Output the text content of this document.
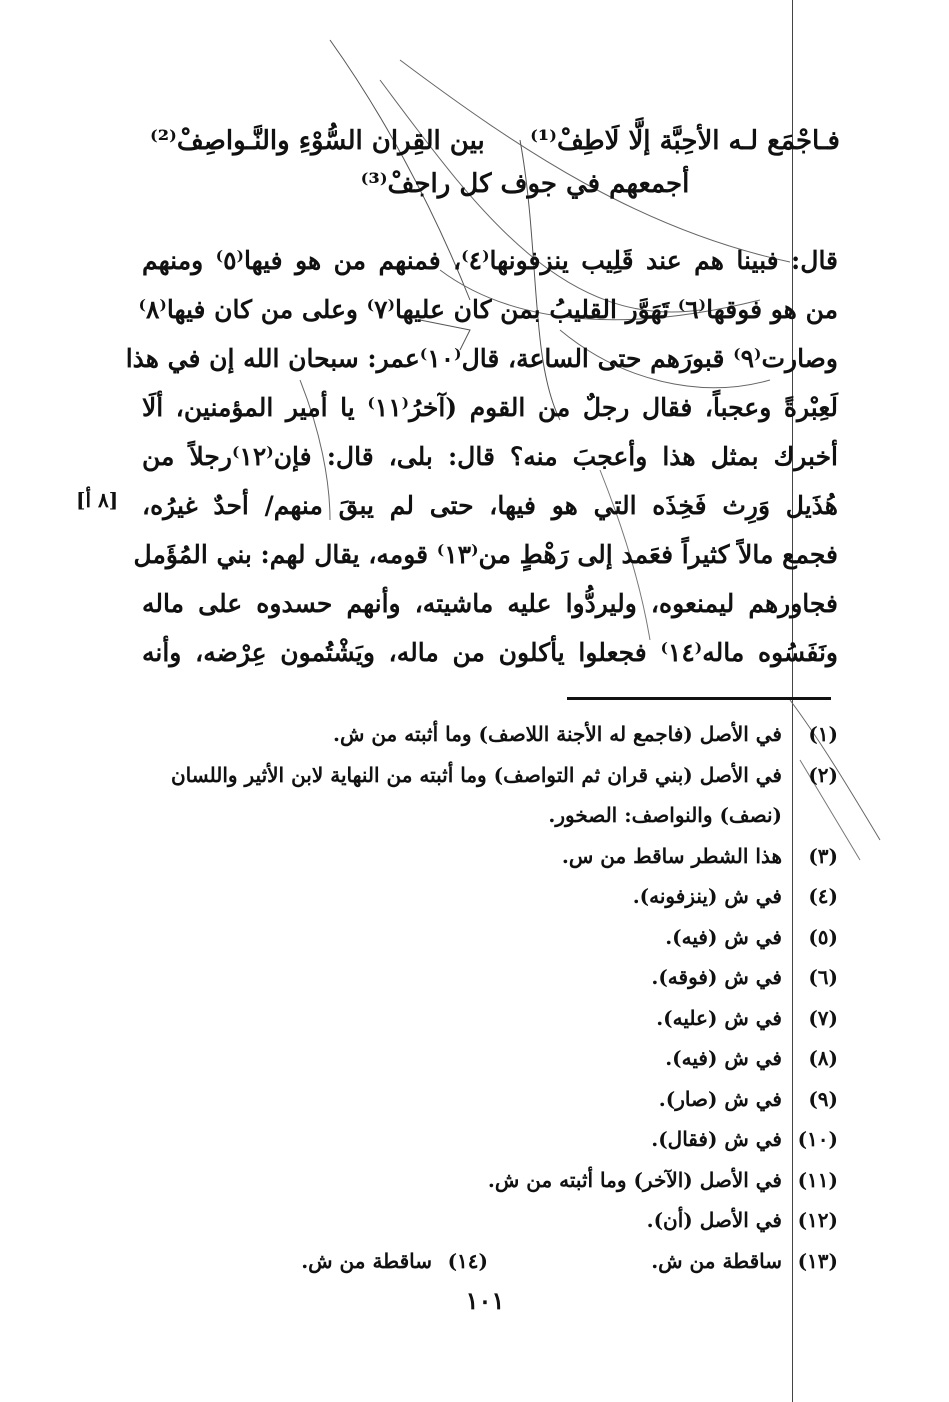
فـاجْمَع لـه الأحِبَّة إلَّا لَاطِفْ⁽¹⁾
بين القِران السُّوْءِ والنَّـواصِفْ⁽²⁾
أجمعهم في جوف كل راجفْ⁽³⁾
قال: فبينا هم عند قَلِيب ينزفونها⁽٤⁾، فمنهم من هو فيها⁽٥⁾ ومنهم
من هو فوقها⁽٦⁾ تَهَوَّر القليبُ بمن كان عليها⁽٧⁾ وعلى من كان فيها⁽٨⁾
وصارت⁽٩⁾ قبورَهم حتى الساعة، قال⁽١٠⁾عمر: سبحان الله إن في هذا
لَعِبْرةً وعجباً، فقال رجلٌ من القوم (آخرُ⁽١١⁾ يا أمير المؤمنين، ألَا
أخبرك بمثل هذا وأعجبَ منه؟ قال: بلى، قال: فإن⁽١٢⁾رجلاً من
هُذَيل وَرِث فَخِذَه التي هو فيها، حتى لم يبقَ منهم/ أحدٌ غيرُه،
فجمع مالاً كثيراً فعَمد إلى رَهْطٍ من⁽١٣⁾ قومه، يقال لهم: بني المُؤَمل
فجاورهم ليمنعوه، وليردُّوا عليه ماشيته، وأنهم حسدوه على ماله
ونَفَسُوه ماله⁽١٤⁾ فجعلوا يأكلون من ماله، ويَشْتُمون عِرْضه، وأنه
[٨ أ]
(١)
في الأصل (فاجمع له الأجنة اللاصف) وما أثبته من ش.
(٢)
في الأصل (بني قران ثم التواصف) وما أثبته من النهاية لابن الأثير واللسان
(نصف) والنواصف: الصخور.
(٣)
هذا الشطر ساقط من س.
(٤)
في ش (ينزفونه).
(٥)
في ش (فيه).
(٦)
في ش (فوقه).
(٧)
في ش (عليه).
(٨)
في ش (فيه).
(٩)
في ش (صار).
(١٠)
في ش (فقال).
(١١)
في الأصل (الآخر) وما أثبته من ش.
(١٢)
في الأصل (أن).
(١٣)
ساقطة من ش.
(١٤)
ساقطة من ش.
١٠١
